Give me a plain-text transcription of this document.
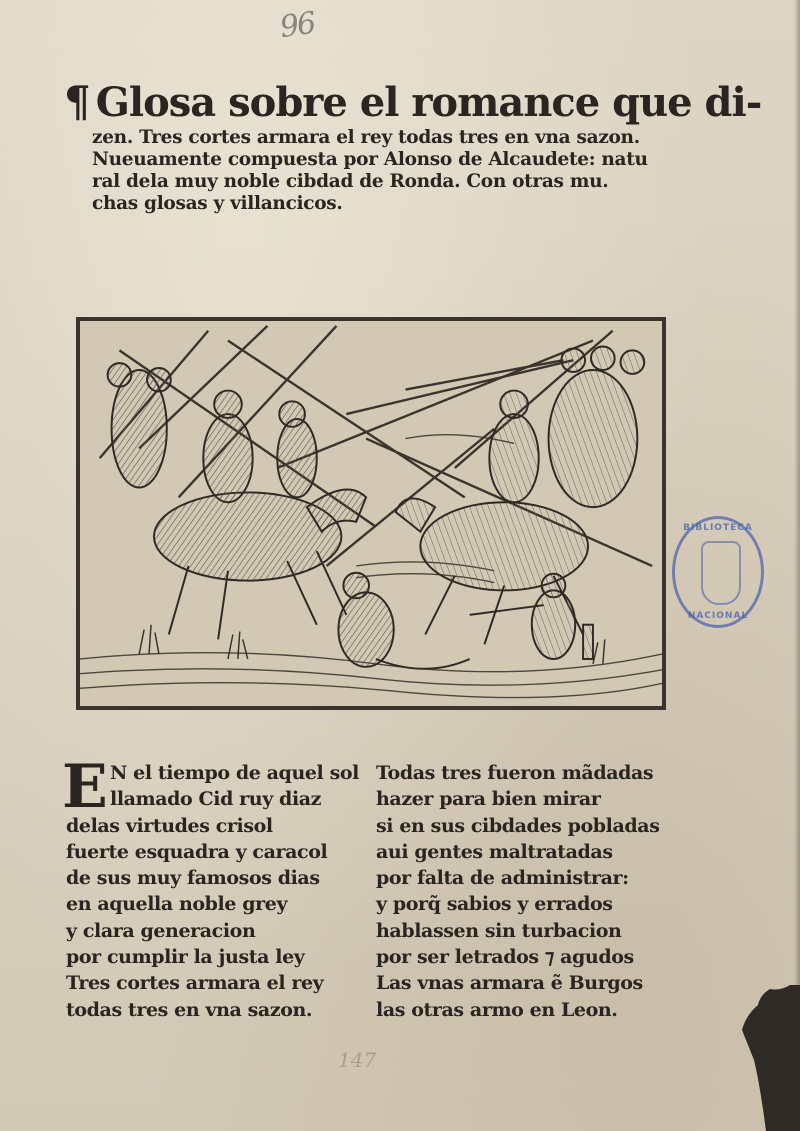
96
¶ Glosa sobre el romance que di-
zen. Tres cortes armara el rey todas tres en vna sazon.
Nueuamente compuesta por Alonso de Alcaudete: natu
ral dela muy noble cibdad de Ronda. Con otras mu.
chas glosas y villancicos.
BIBLIOTECA
NACIONAL
E N el tiempo de aquel sol
llamado Cid ruy diaz
delas virtudes crisol
fuerte esquadra y caracol
de sus muy famosos dias
en aquella noble grey
y clara generacion
por cumplir la justa ley
Tres cortes armara el rey
todas tres en vna sazon.
Todas tres fueron mãdadas
hazer para bien mirar
si en sus cibdades pobladas
aui gentes maltratadas
por falta de administrar:
y porq̃ sabios y errados
hablassen sin turbacion
por ser letrados ⁊ agudos
Las vnas armara ẽ Burgos
las otras armo en Leon.
147
